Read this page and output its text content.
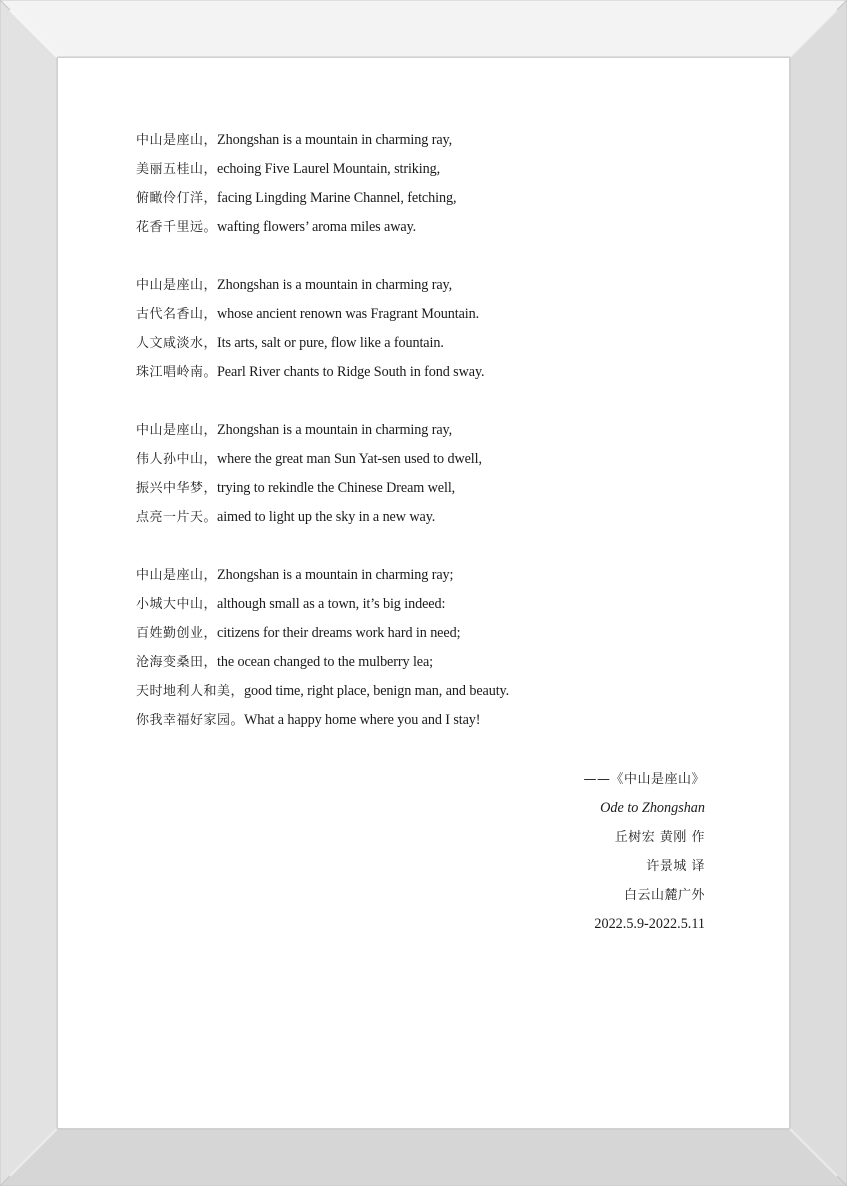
中山是座山，Zhongshan is a mountain in charming ray,
美丽五桂山，echoing Five Laurel Mountain, striking,
俯瞰伶仃洋，facing Lingding Marine Channel, fetching,
花香千里远。wafting flowers’ aroma miles away.
中山是座山，Zhongshan is a mountain in charming ray,
古代名香山，whose ancient renown was Fragrant Mountain.
人文咸淡水，Its arts, salt or pure, flow like a fountain.
珠江唱岭南。Pearl River chants to Ridge South in fond sway.
中山是座山，Zhongshan is a mountain in charming ray,
伟人孙中山，where the great man Sun Yat-sen used to dwell,
振兴中华梦，trying to rekindle the Chinese Dream well,
点亮一片天。aimed to light up the sky in a new way.
中山是座山，Zhongshan is a mountain in charming ray;
小城大中山，although small as a town, it’s big indeed:
百姓勤创业，citizens for their dreams work hard in need;
沧海变桑田，the ocean changed to the mulberry lea;
天时地利人和美，good time, right place, benign man, and beauty.
你我幸福好家园。What a happy home where you and I stay!
——《中山是座山》
Ode to Zhongshan
丘树宏 黄刚 作
许景城 译
白云山麓广外
2022.5.9-2022.5.11
